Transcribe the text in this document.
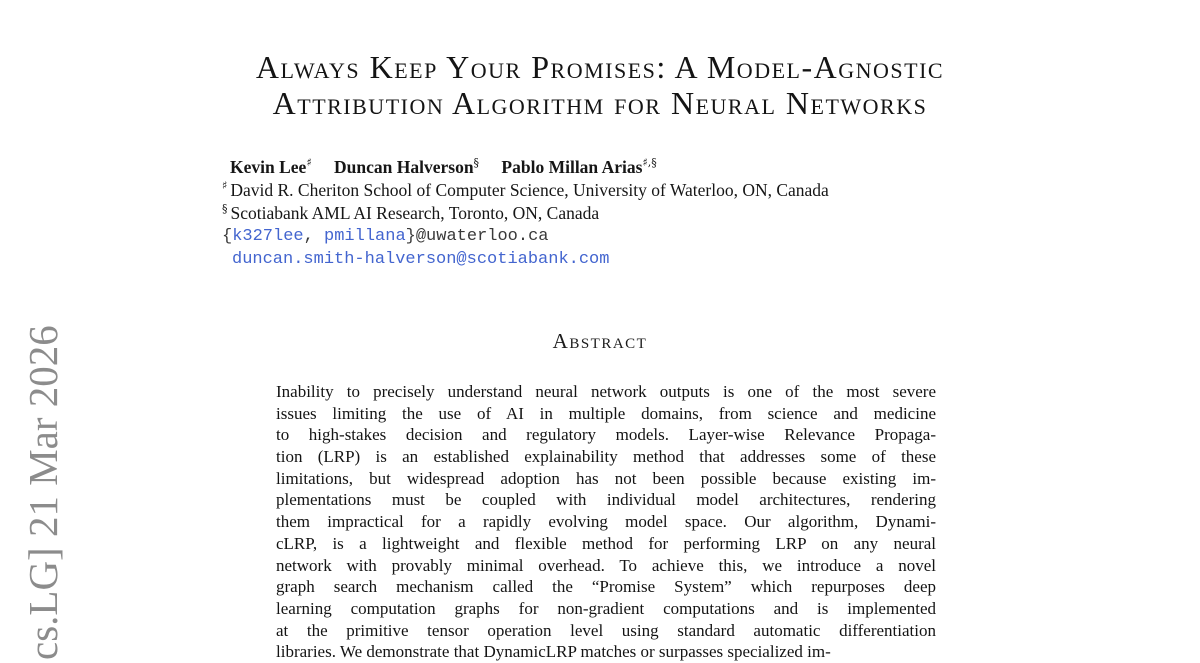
cs.LG] 21 Mar 2026
Always Keep Your Promises: A Model-Agnostic
Attribution Algorithm for Neural Networks
Kevin Lee♯ Duncan Halverson§ Pablo Millan Arias♯,§
♯ David R. Cheriton School of Computer Science, University of Waterloo, ON, Canada
§ Scotiabank AML AI Research, Toronto, ON, Canada
{k327lee, pmillana}@uwaterloo.ca
duncan.smith-halverson@scotiabank.com
Abstract
Inability to precisely understand neural network outputs is one of the most severe
issues limiting the use of AI in multiple domains, from science and medicine
to high-stakes decision and regulatory models. Layer-wise Relevance Propaga-
tion (LRP) is an established explainability method that addresses some of these
limitations, but widespread adoption has not been possible because existing im-
plementations must be coupled with individual model architectures, rendering
them impractical for a rapidly evolving model space. Our algorithm, Dynami-
cLRP, is a lightweight and flexible method for performing LRP on any neural
network with provably minimal overhead. To achieve this, we introduce a novel
graph search mechanism called the “Promise System” which repurposes deep
learning computation graphs for non-gradient computations and is implemented
at the primitive tensor operation level using standard automatic differentiation
libraries. We demonstrate that DynamicLRP matches or surpasses specialized im-
